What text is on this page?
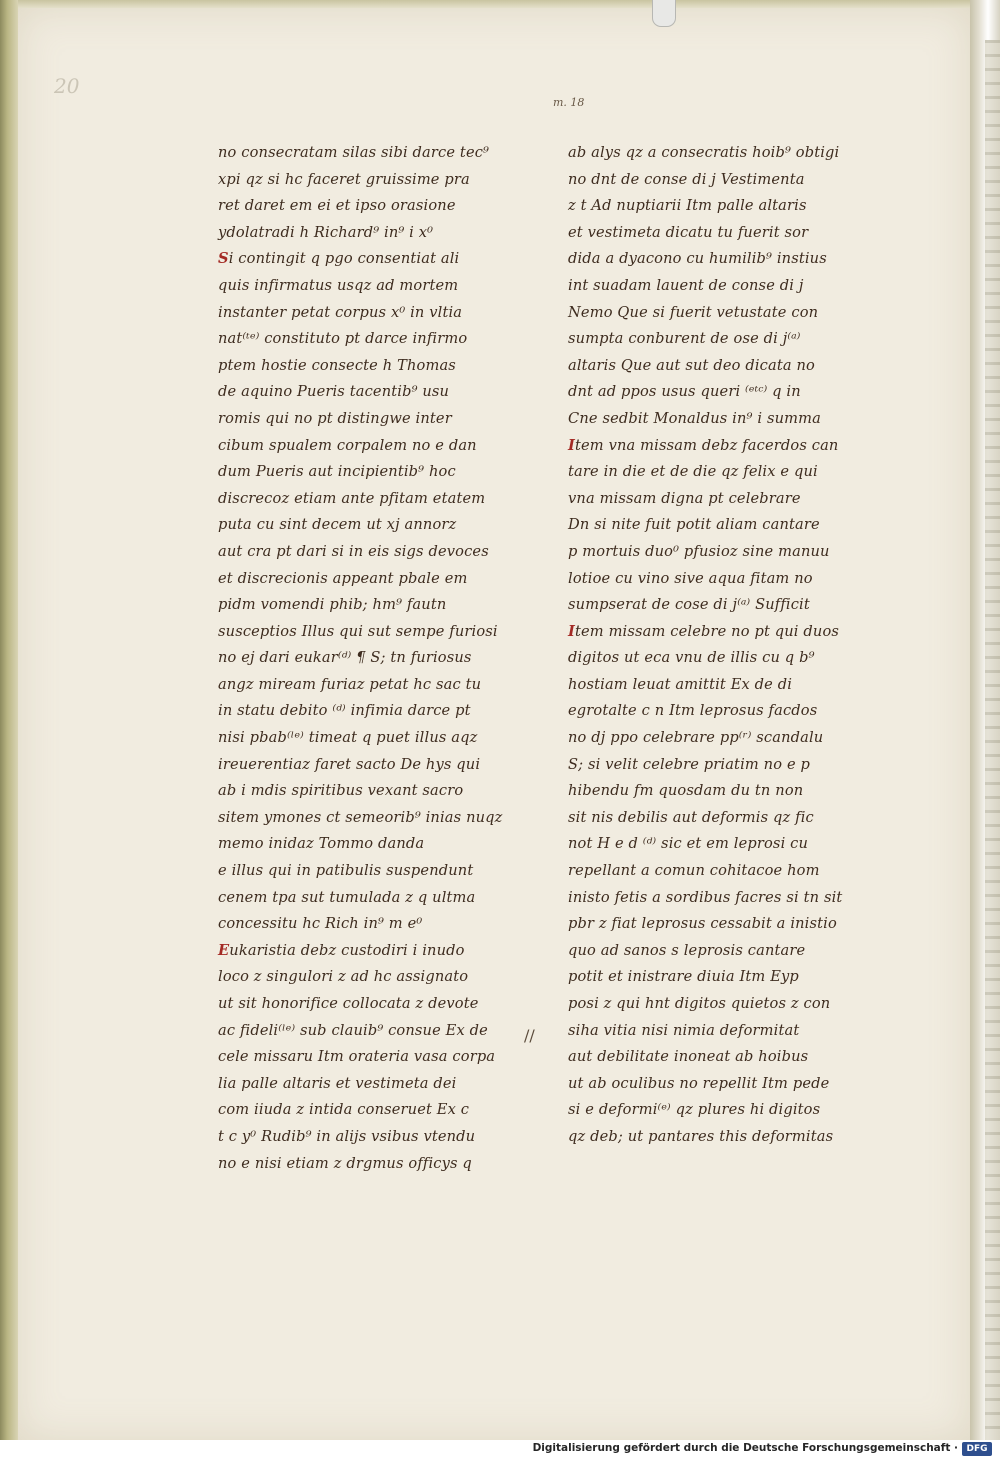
20
m. 18
no consecratam silas sibi darce tec⁹
xpi qz si hc faceret gruissime pra
ret daret em ei et ipso orasione
ydolatradi h Richard⁹ in⁹ i x⁰
Si contingit q pgo consentiat ali
quis infirmatus usqz ad mortem
instanter petat corpus x⁰ in vltia
nat⁽ᵗᵉ⁾ constituto pt darce infirmo
ptem hostie consecte h Thomas
de aquino Pueris tacentib⁹ usu
romis qui no pt distingwe inter
cibum spualem corpalem no e dan
dum Pueris aut incipientib⁹ hoc
discrecoz etiam ante pfitam etatem
puta cu sint decem ut xj annorz
aut cra pt dari si in eis sigs devoces
et discrecionis appeant pbale em
pidm vomendi phib; hm⁹ fautn
susceptios Illus qui sut sempe furiosi
no ej dari eukar⁽ᵈ⁾ ¶ S; tn furiosus
angz miream furiaz petat hc sac tu
in statu debito ⁽ᵈ⁾ infimia darce pt
nisi pbab⁽ˡᵉ⁾ timeat q puet illus aqz
ireuerentiaz faret sacto De hys qui
ab i mdis spiritibus vexant sacro
sitem ymones ct semeorib⁹ inias nuqz
memo inidaz Tommo danda
e illus qui in patibulis suspendunt
cenem tpa sut tumulada z q ultma
concessitu hc Rich in⁹ m e⁰
Eukaristia debz custodiri i inudo
loco z singulori z ad hc assignato
ut sit honorifice collocata z devote
ac fideli⁽ˡᵉ⁾ sub clauib⁹ consue Ex de
cele missaru Itm orateria vasa corpa
lia palle altaris et vestimeta dei
com iiuda z intida conseruet Ex c
t c y⁰ Rudib⁹ in alijs vsibus vtendu
no e nisi etiam z drgmus officys q
ab alys qz a consecratis hoib⁹ obtigi
no dnt de conse di j Vestimenta
z t Ad nuptiarii Itm palle altaris
et vestimeta dicatu tu fuerit sor
dida a dyacono cu humilib⁹ instius
int suadam lauent de conse di j
Nemo Que si fuerit vetustate con
sumpta conburent de ose di j⁽ᵃ⁾
altaris Que aut sut deo dicata no
dnt ad ppos usus queri ⁽ᵉᵗᶜ⁾ q in
Cne sedbit Monaldus in⁹ i summa
Item vna missam debz facerdos can
tare in die et de die qz felix e qui
vna missam digna pt celebrare
Dn si nite fuit potit aliam cantare
p mortuis duo⁰ pfusioz sine manuu
lotioe cu vino sive aqua fitam no
sumpserat de cose di j⁽ᵃ⁾ Sufficit
Item missam celebre no pt qui duos
digitos ut eca vnu de illis cu q b⁹
hostiam leuat amittit Ex de di
egrotalte c n Itm leprosus facdos
no dj ppo celebrare pp⁽ʳ⁾ scandalu
S; si velit celebre priatim no e p
hibendu fm quosdam du tn non
sit nis debilis aut deformis qz fic
not H e d ⁽ᵈ⁾ sic et em leprosi cu
repellant a comun cohitacoe hom
inisto fetis a sordibus facres si tn sit
pbr z fiat leprosus cessabit a inistio
quo ad sanos s leprosis cantare
potit et inistrare diuia Itm Eyp
posi z qui hnt digitos quietos z con
siha vitia nisi nimia deformitat
aut debilitate inoneat ab hoibus
ut ab oculibus no repellit Itm pede
si e deformi⁽ᵉ⁾ qz plures hi digitos
qz deb; ut pantares this deformitas
//
Digitalisierung gefördert durch die Deutsche Forschungsgemeinschaft · DFG
